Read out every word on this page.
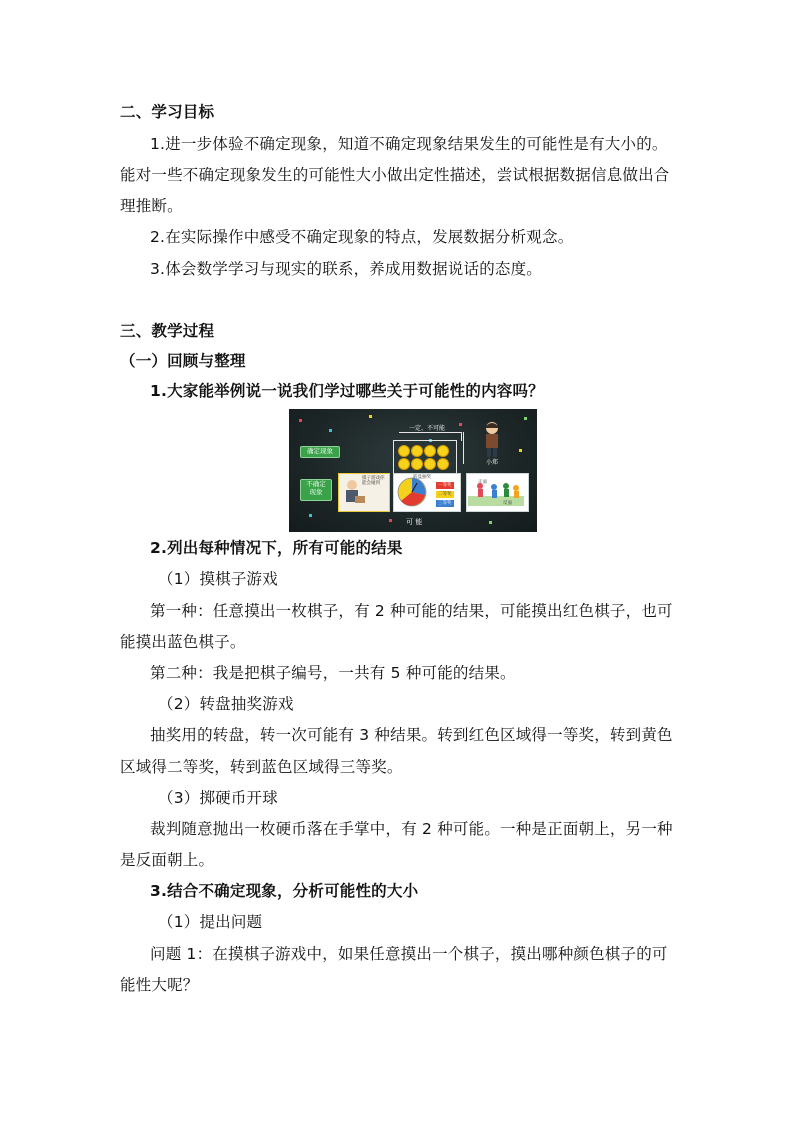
二、学习目标
1.进一步体验不确定现象，知道不确定现象结果发生的可能性是有大小的。
能对一些不确定现象发生的可能性大小做出定性描述，尝试根据数据信息做出合
理推断。
2.在实际操作中感受不确定现象的特点，发展数据分析观念。
3.体会数学学习与现实的联系，养成用数据说话的态度。
三、教学过程
（一）回顾与整理
1.大家能举例说一说我们学过哪些关于可能性的内容吗？
确定现象
不确定
现象
一定、不可能
小郑
摸子游戏你
能会碰到
转盘抽奖
一等奖
二等奖
三等奖
正面
反面
可 能
2.列出每种情况下，所有可能的结果
（1）摸棋子游戏
第一种：任意摸出一枚棋子，有 2 种可能的结果，可能摸出红色棋子，也可
能摸出蓝色棋子。
第二种：我是把棋子编号，一共有 5 种可能的结果。
（2）转盘抽奖游戏
抽奖用的转盘，转一次可能有 3 种结果。转到红色区域得一等奖，转到黄色
区域得二等奖，转到蓝色区域得三等奖。
（3）掷硬币开球
裁判随意抛出一枚硬币落在手掌中，有 2 种可能。一种是正面朝上，另一种
是反面朝上。
3.结合不确定现象，分析可能性的大小
（1）提出问题
问题 1：在摸棋子游戏中，如果任意摸出一个棋子，摸出哪种颜色棋子的可
能性大呢？
